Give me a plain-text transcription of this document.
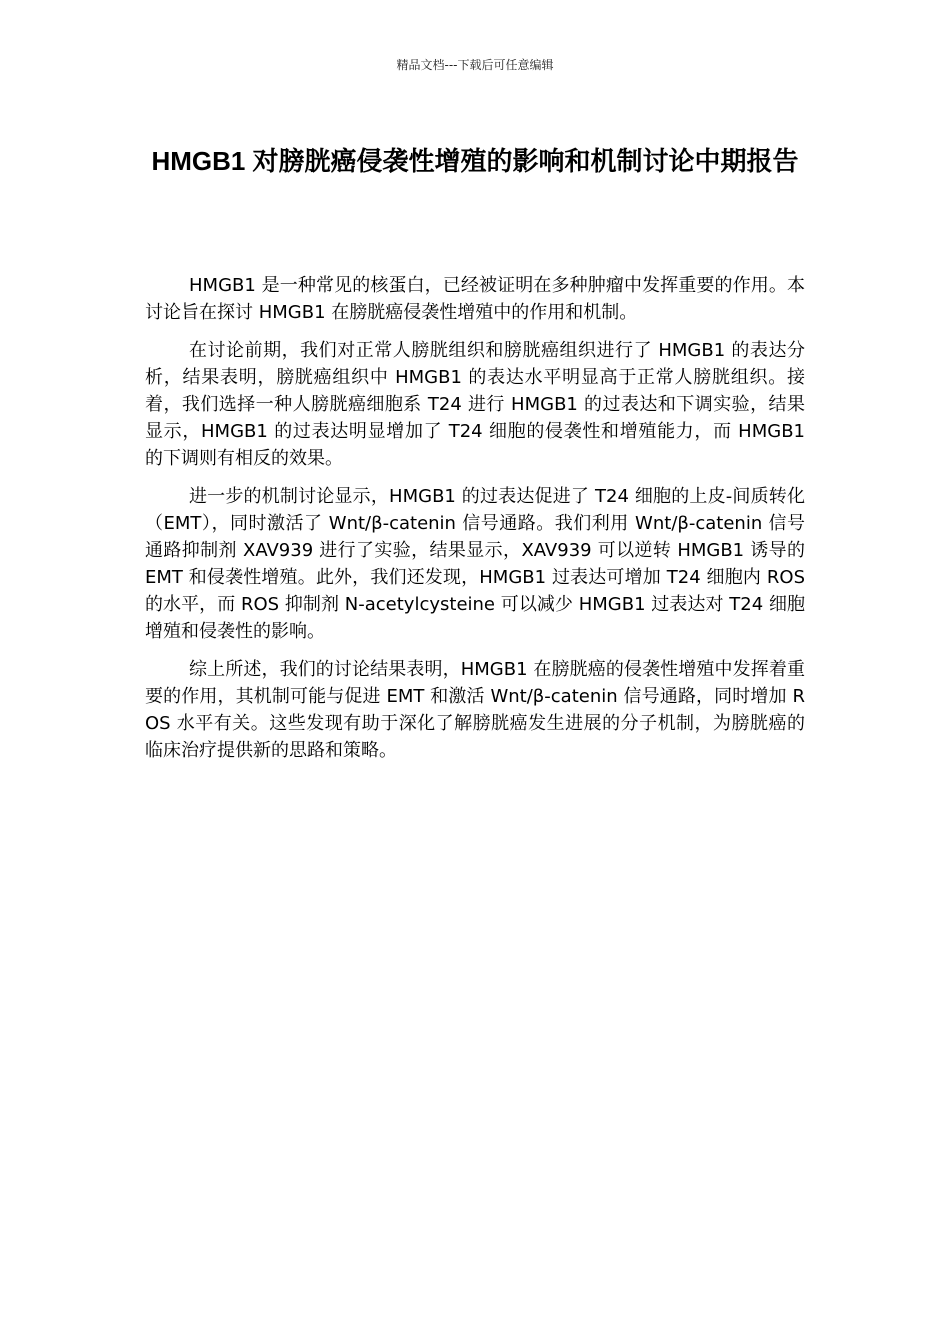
精品文档---下载后可任意编辑
HMGB1 对膀胱癌侵袭性增殖的影响和机制讨论中期报告

HMGB1 是一种常见的核蛋白，已经被证明在多种肿瘤中发挥重要的作用。本讨论旨在探讨 HMGB1 在膀胱癌侵袭性增殖中的作用和机制。

在讨论前期，我们对正常人膀胱组织和膀胱癌组织进行了 HMGB1 的表达分析，结果表明，膀胱癌组织中 HMGB1 的表达水平明显高于正常人膀胱组织。接着，我们选择一种人膀胱癌细胞系 T24 进行 HMGB1 的过表达和下调实验，结果显示，HMGB1 的过表达明显增加了 T24 细胞的侵袭性和增殖能力，而 HMGB1 的下调则有相反的效果。

进一步的机制讨论显示，HMGB1 的过表达促进了 T24 细胞的上皮-间质转化（EMT），同时激活了 Wnt/β-catenin 信号通路。我们利用 Wnt/β-catenin 信号通路抑制剂 XAV939 进行了实验，结果显示，XAV939 可以逆转 HMGB1 诱导的 EMT 和侵袭性增殖。此外，我们还发现，HMGB1 过表达可增加 T24 细胞内 ROS 的水平，而 ROS 抑制剂 N-acetylcysteine 可以减少 HMGB1 过表达对 T24 细胞增殖和侵袭性的影响。

综上所述，我们的讨论结果表明，HMGB1 在膀胱癌的侵袭性增殖中发挥着重要的作用，其机制可能与促进 EMT 和激活 Wnt/β-catenin 信号通路，同时增加 ROS 水平有关。这些发现有助于深化了解膀胱癌发生进展的分子机制，为膀胱癌的临床治疗提供新的思路和策略。
